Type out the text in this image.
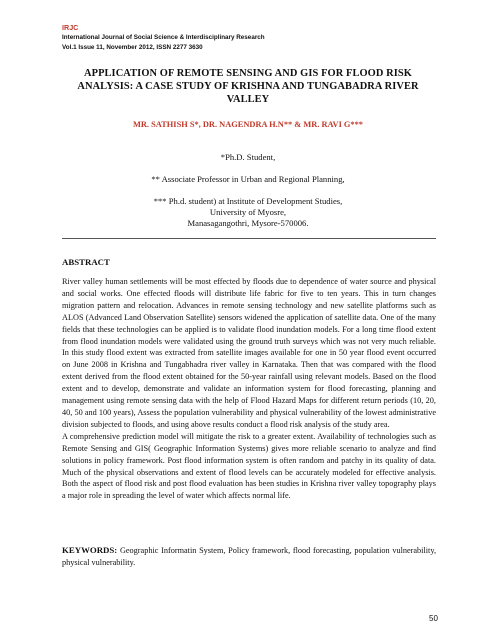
IRJC
International Journal of Social Science & Interdisciplinary Research
Vol.1 Issue 11, November 2012, ISSN 2277 3630
APPLICATION OF REMOTE SENSING AND GIS FOR FLOOD RISK ANALYSIS: A CASE STUDY OF KRISHNA AND TUNGABADRA RIVER VALLEY
MR. SATHISH S*, DR. NAGENDRA H.N** & MR. RAVI G***
*Ph.D. Student,
** Associate Professor in Urban and Regional Planning,
*** Ph.d. student) at Institute of Development Studies,
University of Myosre,
Manasagangothri, Mysore-570006.
ABSTRACT

River valley human settlements will be most effected by floods due to dependence of water source and physical and social works. One effected floods will distribute life fabric for five to ten years. This in turn changes migration pattern and relocation. Advances in remote sensing technology and new satellite platforms such as ALOS (Advanced Land Observation Satellite) sensors widened the application of satellite data. One of the many fields that these technologies can be applied is to validate flood inundation models. For a long time flood extent from flood inundation models were validated using the ground truth surveys which was not very much reliable. In this study flood extent was extracted from satellite images available for one in 50 year flood event occurred on June 2008 in Krishna and Tungabhadra river valley in Karnataka. Then that was compared with the flood extent derived from the flood extent obtained for the 50-year rainfall using relevant models. Based on the flood extent and to develop, demonstrate and validate an information system for flood forecasting, planning and management using remote sensing data with the help of Flood Hazard Maps for different return periods (10, 20, 40, 50 and 100 years), Assess the population vulnerability and physical vulnerability of the lowest administrative division subjected to floods, and using above results conduct a flood risk analysis of the study area.

A comprehensive prediction model will mitigate the risk to a greater extent. Availability of technologies such as Remote Sensing and GIS( Geographic Information Systems) gives more reliable scenario to analyze and find solutions in policy framework. Post flood information system is often random and patchy in its quality of data. Much of the physical observations and extent of flood levels can be accurately modeled for effective analysis. Both the aspect of flood risk and post flood evaluation has been studies in Krishna river valley topography plays a major role in spreading the level of water which affects normal life.

KEYWORDS: Geographic Informatin System, Policy framework, flood forecasting, population vulnerability, physical vulnerability.
50
